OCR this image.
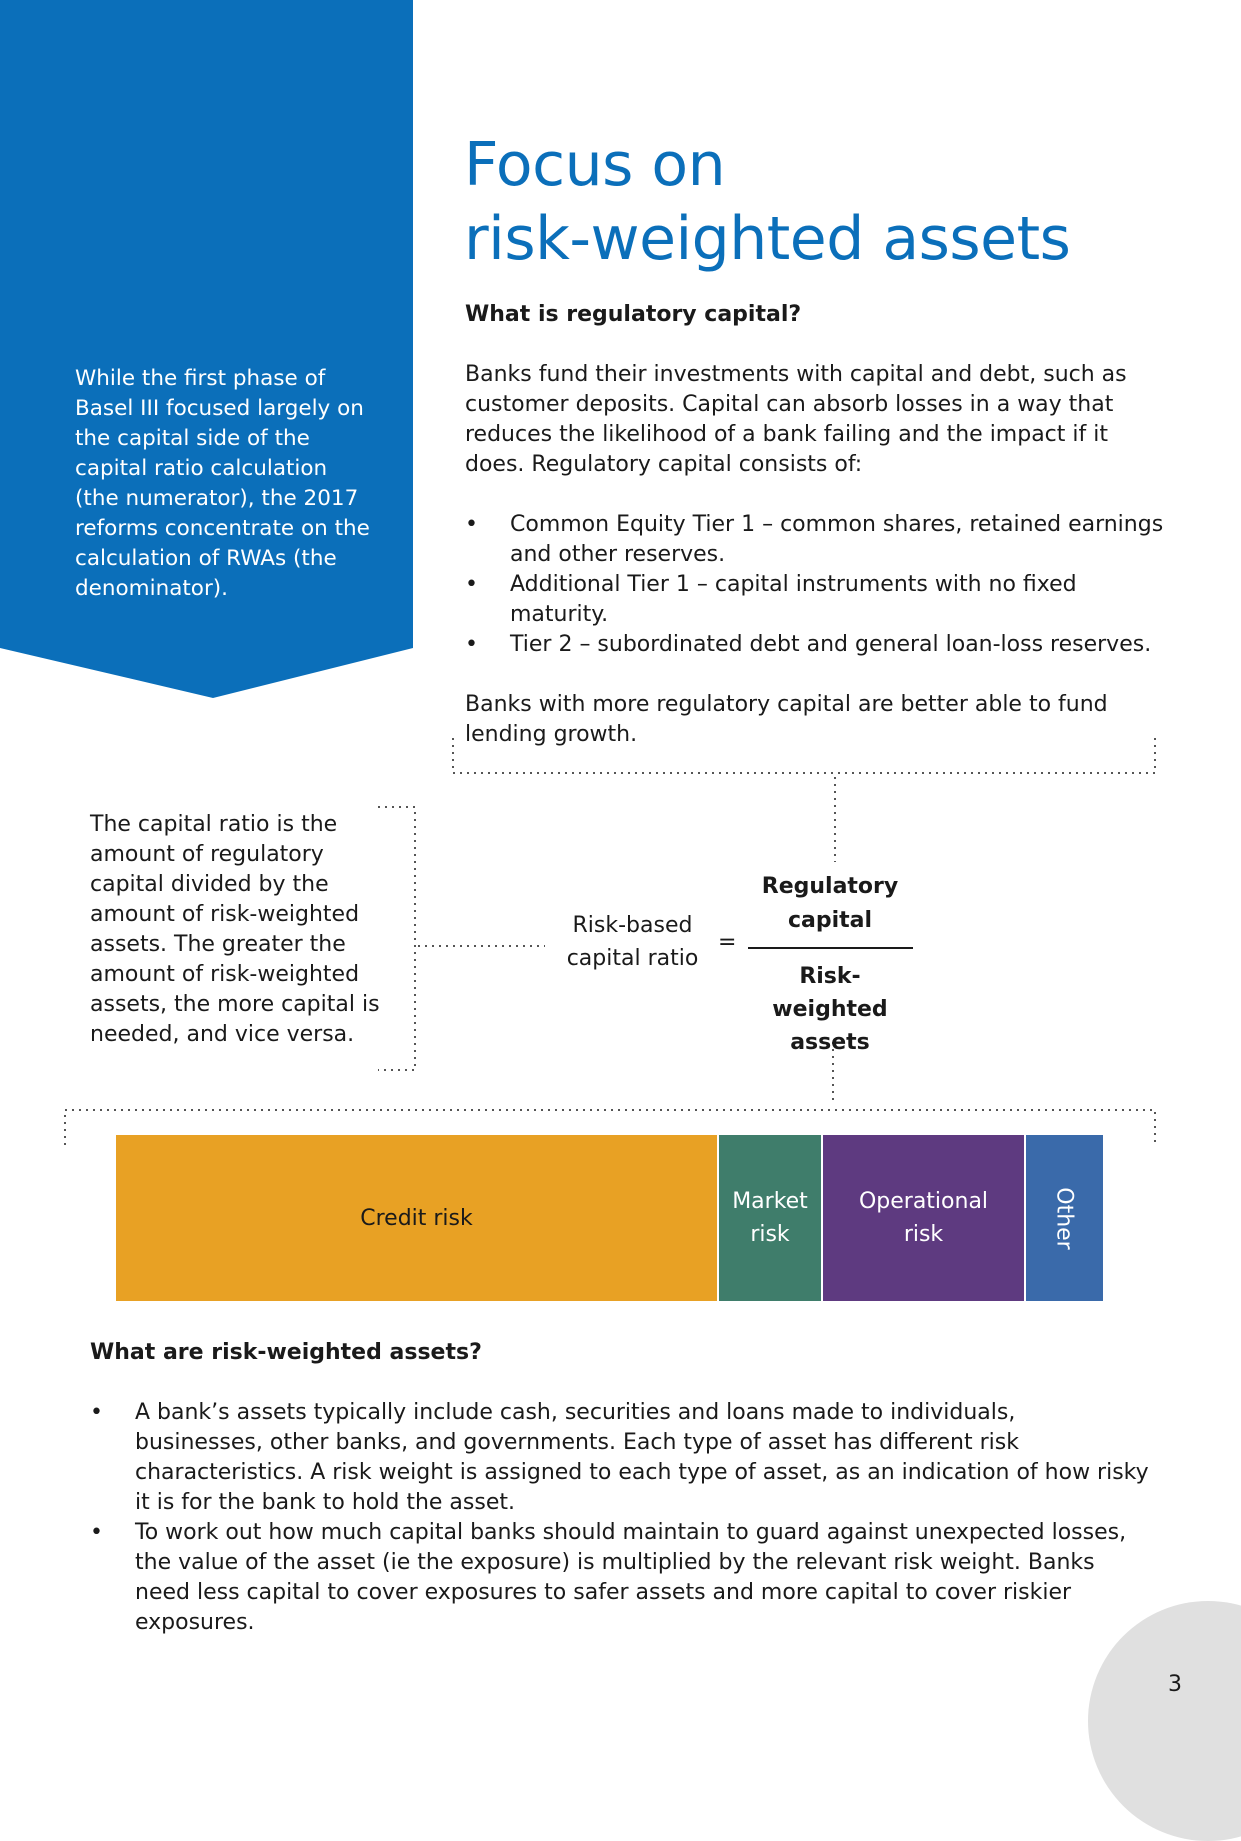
While the first phase of Basel III focused largely on the capital side of the capital ratio calculation (the numerator), the 2017 reforms concentrate on the calculation of RWAs (the denominator).
Focus on
risk-weighted assets
What is regulatory capital?

Banks fund their investments with capital and debt, such as customer deposits. Capital can absorb losses in a way that reduces the likelihood of a bank failing and the impact if it does. Regulatory capital consists of:

• Common Equity Tier 1 – common shares, retained earnings and other reserves.
• Additional Tier 1 – capital instruments with no fixed maturity.
• Tier 2 – subordinated debt and general loan-loss reserves.

Banks with more regulatory capital are better able to fund lending growth.

The capital ratio is the amount of regulatory capital divided by the amount of risk-weighted assets. The greater the amount of risk-weighted assets, the more capital is needed, and vice versa.

Risk-based
capital ratio
=
Regulatory
capital
Risk-weighted
assets
Credit risk
Market
risk
Operational
risk	Other
What are risk-weighted assets?
• A bank’s assets typically include cash, securities and loans made to individuals, businesses, other banks, and governments. Each type of asset has different risk characteristics. A risk weight is assigned to each type of asset, as an indication of how risky it is for the bank to hold the asset.
• To work out how much capital banks should maintain to guard against unexpected losses, the value of the asset (ie the exposure) is multiplied by the relevant risk weight. Banks need less capital to cover exposures to safer assets and more capital to cover riskier exposures.
3
